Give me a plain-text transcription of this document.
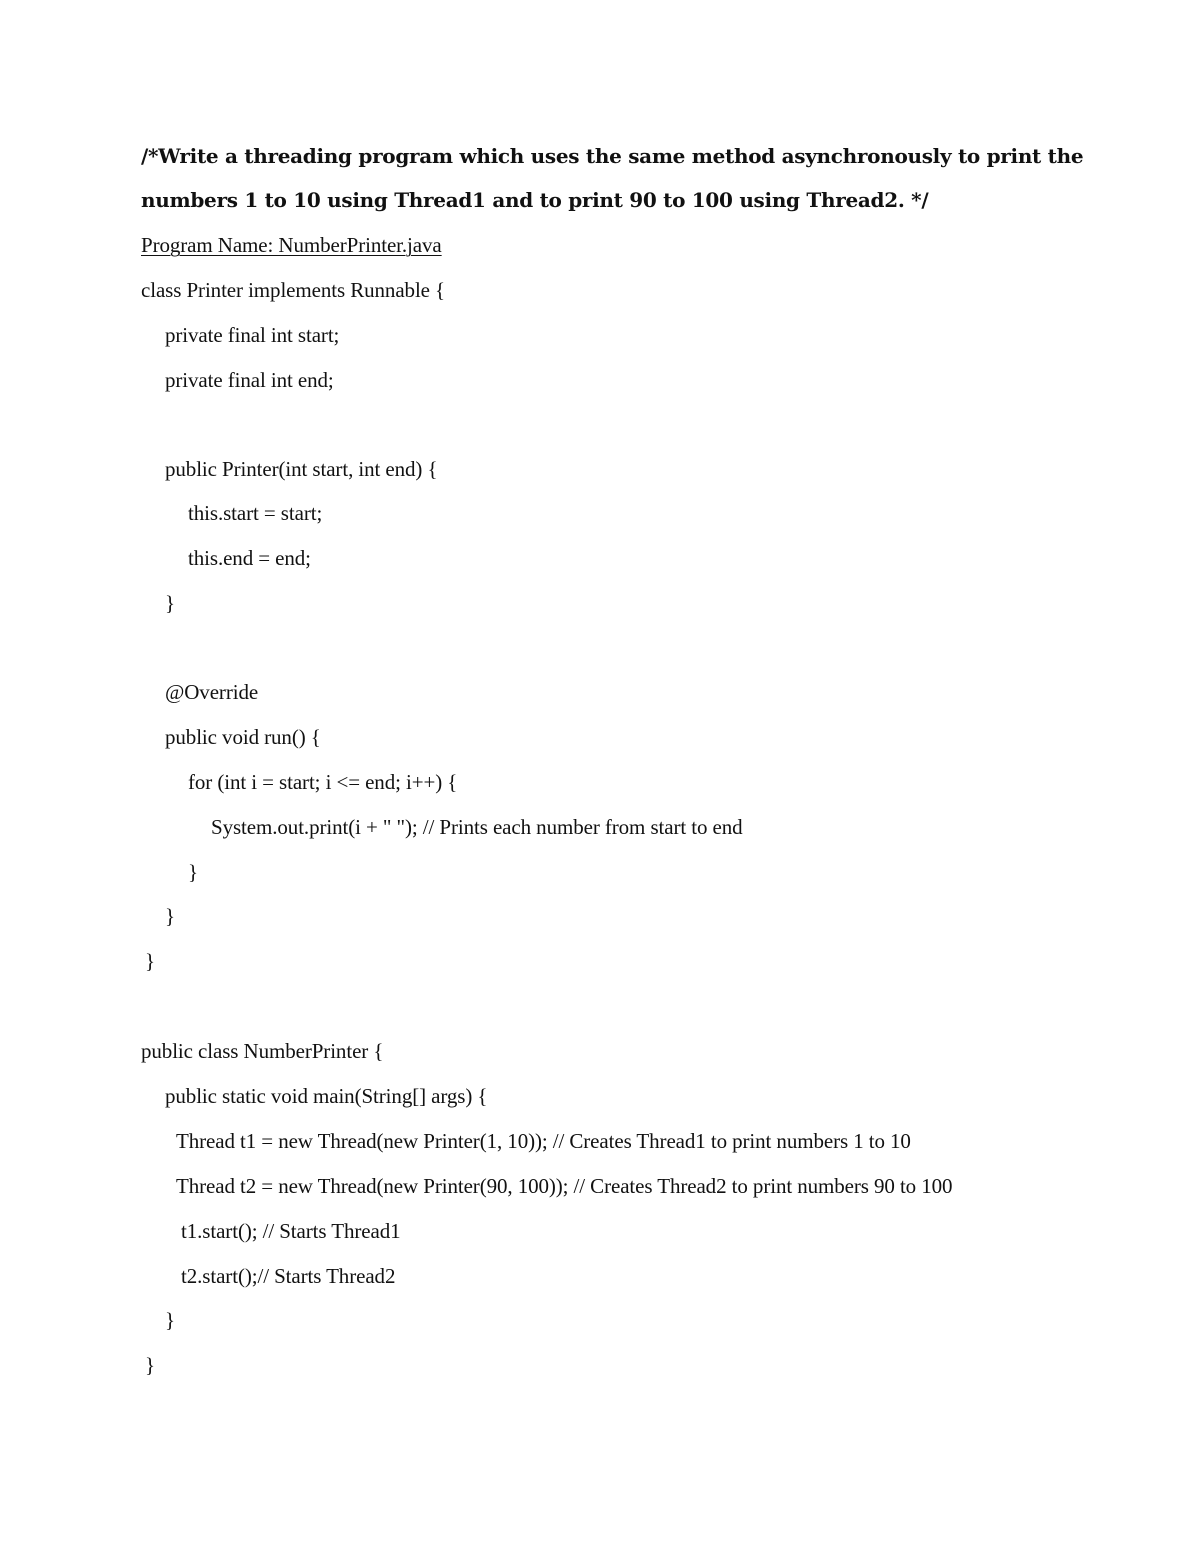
/*Write a threading program which uses the same method asynchronously to print the
numbers 1 to 10 using Thread1 and to print 90 to 100 using Thread2. */
Program Name: NumberPrinter.java
class Printer implements Runnable {
private final int start;
private final int end;
public Printer(int start, int end) {
this.start = start;
this.end = end;
}
@Override
public void run() {
for (int i = start; i <= end; i++) {
System.out.print(i + " "); // Prints each number from start to end
}
}
}
public class NumberPrinter {
public static void main(String[] args) {
Thread t1 = new Thread(new Printer(1, 10)); // Creates Thread1 to print numbers 1 to 10
Thread t2 = new Thread(new Printer(90, 100)); // Creates Thread2 to print numbers 90 to 100
t1.start(); // Starts Thread1
t2.start();// Starts Thread2
}
}
